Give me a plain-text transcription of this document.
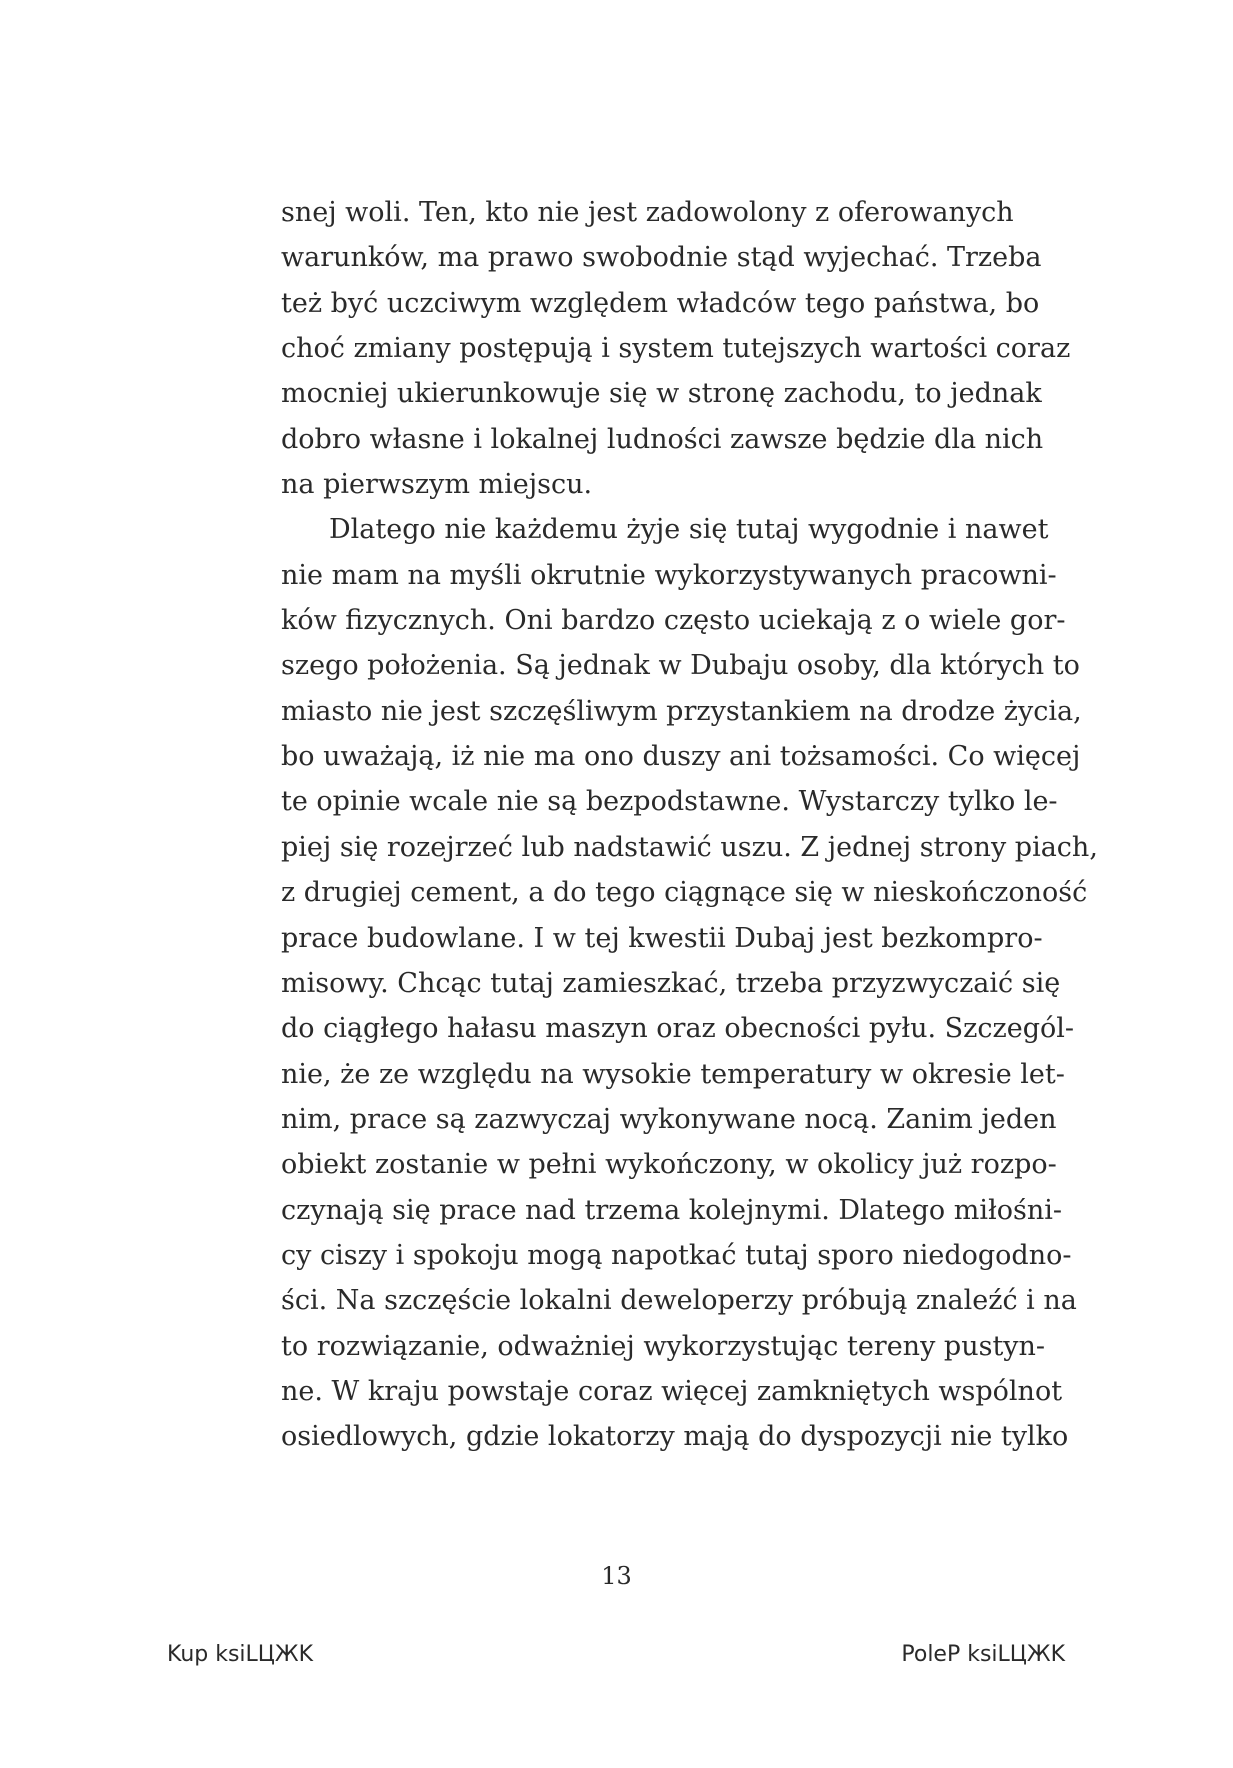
snej woli. Ten, kto nie jest zadowolony z oferowanych
warunków, ma prawo swobodnie stąd wyjechać. Trzeba
też być uczciwym względem władców tego państwa, bo
choć zmiany postępują i system tutejszych wartości coraz
mocniej ukierunkowuje się w stronę zachodu, to jednak
dobro własne i lokalnej ludności zawsze będzie dla nich
na pierwszym miejscu.
Dlatego nie każdemu żyje się tutaj wygodnie i nawet
nie mam na myśli okrutnie wykorzystywanych pracowni-
ków fizycznych. Oni bardzo często uciekają z o wiele gor-
szego położenia. Są jednak w Dubaju osoby, dla których to
miasto nie jest szczęśliwym przystankiem na drodze życia,
bo uważają, iż nie ma ono duszy ani tożsamości. Co więcej
te opinie wcale nie są bezpodstawne. Wystarczy tylko le-
piej się rozejrzeć lub nadstawić uszu. Z jednej strony piach,
z drugiej cement, a do tego ciągnące się w nieskończoność
prace budowlane. I w tej kwestii Dubaj jest bezkompro-
misowy. Chcąc tutaj zamieszkać, trzeba przyzwyczaić się
do ciągłego hałasu maszyn oraz obecności pyłu. Szczegól-
nie, że ze względu na wysokie temperatury w okresie let-
nim, prace są zazwyczaj wykonywane nocą. Zanim jeden
obiekt zostanie w pełni wykończony, w okolicy już rozpo-
czynają się prace nad trzema kolejnymi. Dlatego miłośni-
cy ciszy i spokoju mogą napotkać tutaj sporo niedogodno-
ści. Na szczęście lokalni deweloperzy próbują znaleźć i na
to rozwiązanie, odważniej wykorzystując tereny pustyn-
ne. W kraju powstaje coraz więcej zamkniętych wspólnot
osiedlowych, gdzie lokatorzy mają do dyspozycji nie tylko
13
Kup ksiLЦЖK	PoleP ksiLЦЖK
